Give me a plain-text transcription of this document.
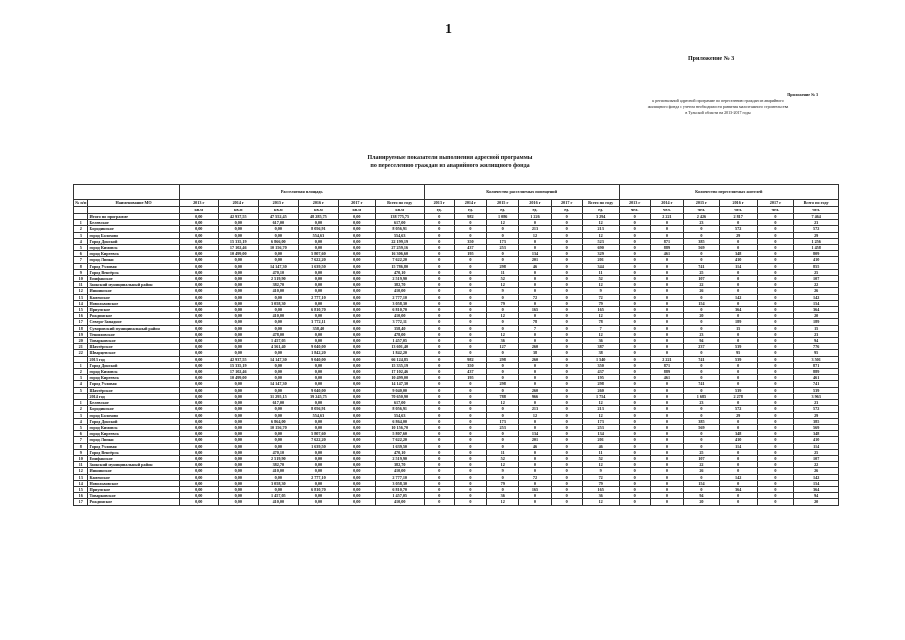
1
Приложение № 3
Приложение № 3
к региональной адресной программе по переселению граждан из аварийного
жилищного фонда с учетом необходимости развития малоэтажного строительства
в Тульской области на 2013-2017 годы
Планируемые показатели выполнения адресной программы
по переселению граждан из аварийного жилищного фонда
		Расселяемая площадь						Количество расселяемых помещений						Количество переселяемых жителей					
№ п/п	Наименование МО	2013 г	2014 г	2015 г	2016 г	2017 г	Всего по году	2013 г	2014 г	2015 г	2016 г	2017 г	Всего по году	2013 г	2014 г	2015 г	2016 г	2017 г	Всего по году
		кв.м	кв.м	кв.м	кв.м	кв.м	кв.м	ед.	ед.	ед.	ед.	ед.	ед.	чел.	чел.	чел.	чел.	чел.	чел.
	Итого по программе	0,00	42 937,55	47 552,45	48 285,75	0,00	138 775,75	0	982	1 086	1 226	0	3 294	0	2 221	2 426	2 817	0	7 464
1	Белевское	0,00	0,00	617,00	0,00	0,00	617,00	0	0	12	0	0	12	0	0	23	0	0	23
2	Бородинское	0,00	0,00	0,00	8 056,91	0,00	8 056,91	0	0	0	213	0	213	0	0	0	572	0	572
3	город Болохово	0,00	0,00	0,00	554,63	0,00	554,63	0	0	0	12	0	12	0	0	0	29	0	29
4	Город Донской	0,00	15 335,19	6 866,00	0,00	0,00	22 199,19	0	350	173	0	0	523	0	871	385	0	0	1 256
5	город Кимовск	0,00	17 102,46	10 156,70	0,00	0,00	27 259,16	0	437	253	0	0	690	0	889	569	0	0	1 458
6	город Киреевск	0,00	10 499,00	0,00	5 807,60	0,00	16 306,60	0	195	0	134	0	329	0	461	0	348	0	809
7	город Липки	0,00	0,00	0,00	7 622,20	0,00	7 622,20	0	0	0	201	0	201	0	0	0	410	0	410
8	Город Узловая	0,00	0,00	14 147,30	1 639,50	0,00	15 786,80	0	0	298	46	0	344	0	0	741	114	0	855
9	Город Венгёрск	0,00	0,00	470,10	0,00	0,00	470,10	0	0	11	0	0	11	0	0	25	0	0	25
10	Епифанское	0,00	0,00	2 519,90	0,00	0,00	2 519,90	0	0	52	0	0	52	0	0	107	0	0	107
11	Заокский муниципальный район	0,00	0,00	382,70	0,00	0,00	382,70	0	0	12	0	0	12	0	0	22	0	0	22
12	Иншинское	0,00	0,00	410,00	0,00	0,00	410,00	0	0	9	0	0	9	0	0	26	0	0	26
13	Каменское	0,00	0,00	0,00	2 777,10	0,00	2 777,10	0	0	0	72	0	72	0	0	0	142	0	142
14	Новольвовское	0,00	0,00	3 058,30	0,00	0,00	3 058,30	0	0	79	0	0	79	0	0	154	0	0	154
15	Приупское	0,00	0,00	0,00	6 810,70	0,00	6 810,70	0	0	0	165	0	165	0	0	0	364	0	364
16	Рождинское	0,00	0,00	410,00	0,00	0,00	410,00	0	0	12	0	0	12	0	0	20	0	0	20
17	Северо-Западное	0,00	0,00	0,00	3 772,11	0,00	3 772,11	0	0	0	78	0	78	0	0	0	189	0	189
18	Суворовский муниципальный район	0,00	0,00	0,00	358,40	0,00	358,40	0	0	0	7	0	7	0	0	0	15	0	15
19	Тешиловское	0,00	0,00	478,00	0,00	0,00	478,00	0	0	12	0	0	12	0	0	23	0	0	23
20	Товарковское	0,00	0,00	1 457,05	0,00	0,00	1 457,05	0	0	36	0	0	36	0	0	94	0	0	94
21	Шахтёрское	0,00	0,00	4 561,40	9 040,00	0,00	13 601,40	0	0	127	260	0	387	0	0	237	539	0	776
22	Шварцевское	0,00	0,00	0,00	1 842,20	0,00	1 842,20	0	0	0	38	0	38	0	0	0	95	0	95
	2013 год	0,00	42 937,55	14 147,30	9 040,00	0,00	66 124,85	0	982	298	260	0	1 540	0	2 221	741	539	0	3 501
1	Город Донской	0,00	15 335,19	0,00	0,00	0,00	15 335,19	0	350	0	0	0	350	0	871	0	0	0	871
2	город Кимовск	0,00	17 102,46	0,00	0,00	0,00	17 102,46	0	437	0	0	0	437	0	889	0	0	0	889
3	город Киреевск	0,00	10 499,00	0,00	0,00	0,00	10 499,00	0	195	0	0	0	195	0	461	0	0	0	461
4	Город Узловая	0,00	0,00	14 147,30	0,00	0,00	14 147,30	0	0	298	0	0	298	0	0	741	0	0	741
5	Шахтёрское	0,00	0,00	0,00	9 040,00	0,00	9 040,00	0	0	0	260	0	260	0	0	0	539	0	539
	2014 год	0,00	0,00	31 295,15	39 245,75	0,00	70 650,90	0	0	788	966	0	1 754	0	0	1 685	2 278	0	3 963
1	Белевское	0,00	0,00	617,00	0,00	0,00	617,00	0	0	12	0	0	12	0	0	23	0	0	23
2	Бородинское	0,00	0,00	0,00	8 056,91	0,00	8 056,91	0	0	0	213	0	213	0	0	0	572	0	572
3	город Болохово	0,00	0,00	0,00	554,63	0,00	554,63	0	0	0	12	0	12	0	0	0	29	0	29
4	Город Донской	0,00	0,00	6 864,00	0,00	0,00	6 864,00	0	0	173	0	0	173	0	0	385	0	0	385
5	город Кимовск	0,00	0,00	10 156,70	0,00	0,00	10 156,70	0	0	253	0	0	253	0	0	569	0	0	569
6	город Киреевск	0,00	0,00	0,00	5 807,60	0,00	5 807,60	0	0	0	134	0	134	0	0	0	348	0	348
7	город Липки	0,00	0,00	0,00	7 622,20	0,00	7 622,20	0	0	0	201	0	201	0	0	0	410	0	410
8	Город Узловая	0,00	0,00	0,00	1 639,50	0,00	1 639,50	0	0	0	46	0	46	0	0	0	114	0	114
9	Город Венгёрск	0,00	0,00	470,10	0,00	0,00	470,10	0	0	11	0	0	11	0	0	25	0	0	25
10	Епифанское	0,00	0,00	2 519,90	0,00	0,00	2 519,90	0	0	52	0	0	52	0	0	107	0	0	107
11	Заокский муниципальный район	0,00	0,00	382,70	0,00	0,00	382,70	0	0	12	0	0	12	0	0	22	0	0	22
12	Иншинское	0,00	0,00	410,00	0,00	0,00	410,00	0	0	9	0	0	9	0	0	26	0	0	26
13	Каменское	0,00	0,00	0,00	2 777,10	0,00	2 777,10	0	0	0	72	0	72	0	0	0	142	0	142
14	Новольвовское	0,00	0,00	3 058,30	0,00	0,00	3 058,30	0	0	79	0	0	79	0	0	154	0	0	154
15	Приупское	0,00	0,00	0,00	6 810,70	0,00	6 810,70	0	0	0	165	0	165	0	0	0	364	0	364
16	Товарковское	0,00	0,00	1 457,05	0,00	0,00	1 457,05	0	0	36	0	0	36	0	0	94	0	0	94
17	Рождинское	0,00	0,00	410,00	0,00	0,00	410,00	0	0	12	0	0	12	0	0	20	0	0	20
